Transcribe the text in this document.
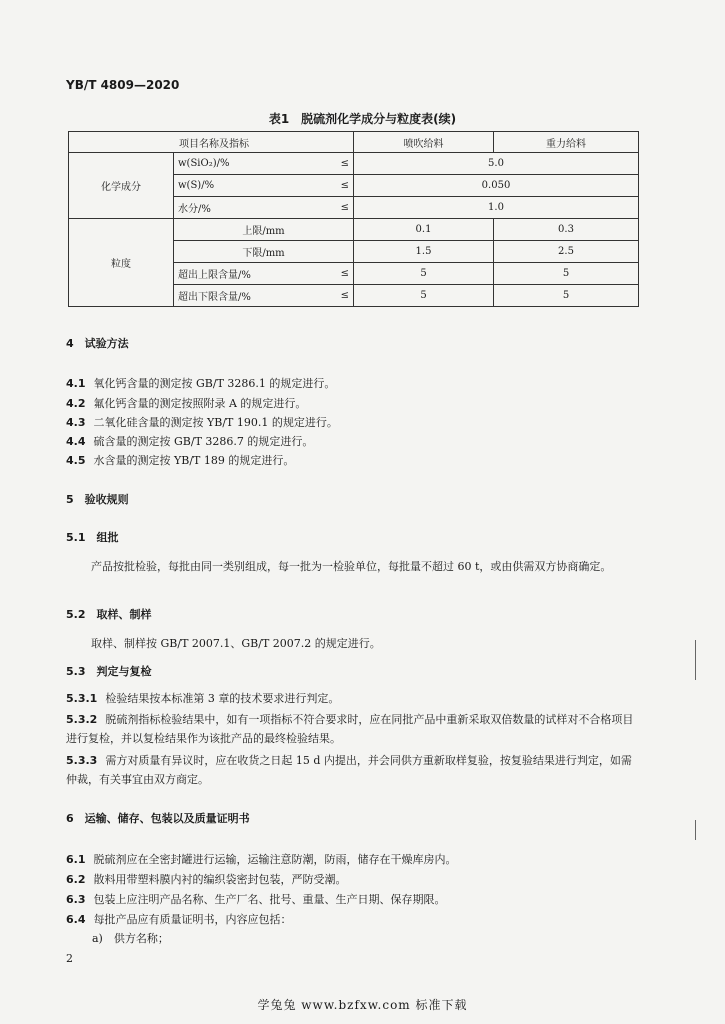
YB/T 4809—2020
表1　脱硫剂化学成分与粒度表(续)
项目名称及指标		喷吹给料	重力给料
化学成分	w(SiO₂)/% ≤	5.0	

	w(S)/% ≤	0.050	

	水分/% ≤	1.0	
粒度	上限/mm	0.1	0.3
	下限/mm	1.5	2.5

	超出上限含量/% ≤	5	5

	超出下限含量/% ≤	5	5
4　试验方法
4.1 氧化钙含量的测定按 GB/T 3286.1 的规定进行。
4.2 氟化钙含量的测定按照附录 A 的规定进行。
4.3 二氧化硅含量的测定按 YB/T 190.1 的规定进行。
4.4 硫含量的测定按 GB/T 3286.7 的规定进行。
4.5 水含量的测定按 YB/T 189 的规定进行。
5　验收规则
5.1　组批
产品按批检验，每批由同一类别组成，每一批为一检验单位，每批量不超过 60 t，或由供需双方协商确定。
5.2　取样、制样
取样、制样按 GB/T 2007.1、GB/T 2007.2 的规定进行。
5.3　判定与复检
5.3.1 检验结果按本标准第 3 章的技术要求进行判定。
5.3.2 脱硫剂指标检验结果中，如有一项指标不符合要求时，应在同批产品中重新采取双倍数量的试样对不合格项目进行复检，并以复检结果作为该批产品的最终检验结果。
5.3.3 需方对质量有异议时，应在收货之日起 15 d 内提出，并会同供方重新取样复验，按复验结果进行判定，如需仲裁，有关事宜由双方商定。
6　运输、储存、包装以及质量证明书
6.1 脱硫剂应在全密封罐进行运输，运输注意防潮，防雨，储存在干燥库房内。
6.2 散料用带塑料膜内衬的编织袋密封包装，严防受潮。
6.3 包装上应注明产品名称、生产厂名、批号、重量、生产日期、保存期限。
6.4 每批产品应有质量证明书，内容应包括：
a)　供方名称；
2
学兔兔 www.bzfxw.com 标准下载
